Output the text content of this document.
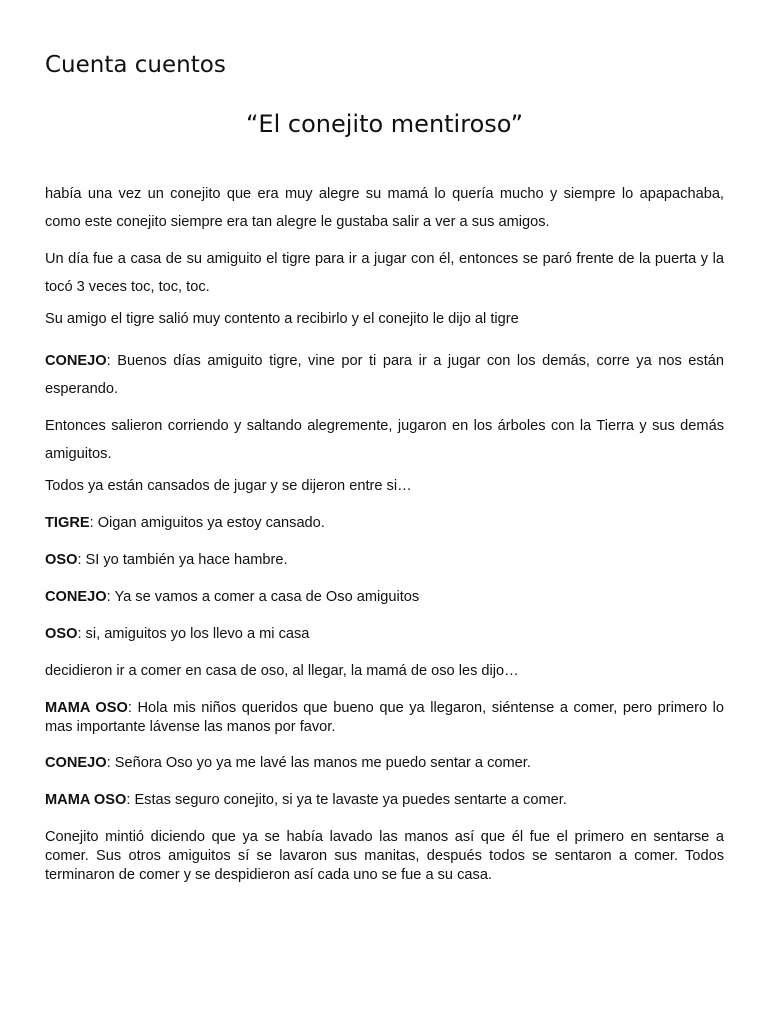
Cuenta cuentos
“El conejito mentiroso”

había una vez un conejito que era muy alegre su mamá lo quería mucho y siempre lo apapachaba, como este conejito siempre era tan alegre le gustaba salir a ver a sus amigos.

Un día fue a casa de su amiguito el tigre para ir a jugar con él, entonces se paró frente de la puerta y la tocó 3 veces toc, toc, toc.

Su amigo el tigre salió muy contento a recibirlo y el conejito le dijo al tigre

CONEJO: Buenos días amiguito tigre, vine por ti para ir a jugar con los demás, corre ya nos están esperando.

Entonces salieron corriendo y saltando alegremente, jugaron en los árboles con la Tierra y sus demás amiguitos.

Todos ya están cansados de jugar y se dijeron entre si…

TIGRE: Oigan amiguitos ya estoy cansado.

OSO: SI yo también ya hace hambre.

CONEJO: Ya se vamos a comer a casa de Oso amiguitos

OSO: si, amiguitos yo los llevo a mi casa

decidieron ir a comer en casa de oso, al llegar, la mamá de oso les dijo…

MAMA OSO: Hola mis niños queridos que bueno que ya llegaron, siéntense a comer, pero primero lo mas importante lávense las manos por favor.

CONEJO: Señora Oso yo ya me lavé las manos me puedo sentar a comer.

MAMA OSO: Estas seguro conejito, si ya te lavaste ya puedes sentarte a comer.

Conejito mintió diciendo que ya se había lavado las manos así que él fue el primero en sentarse a comer. Sus otros amiguitos sí se lavaron sus manitas, después todos se sentaron a comer. Todos terminaron de comer y se despidieron así cada uno se fue a su casa.
